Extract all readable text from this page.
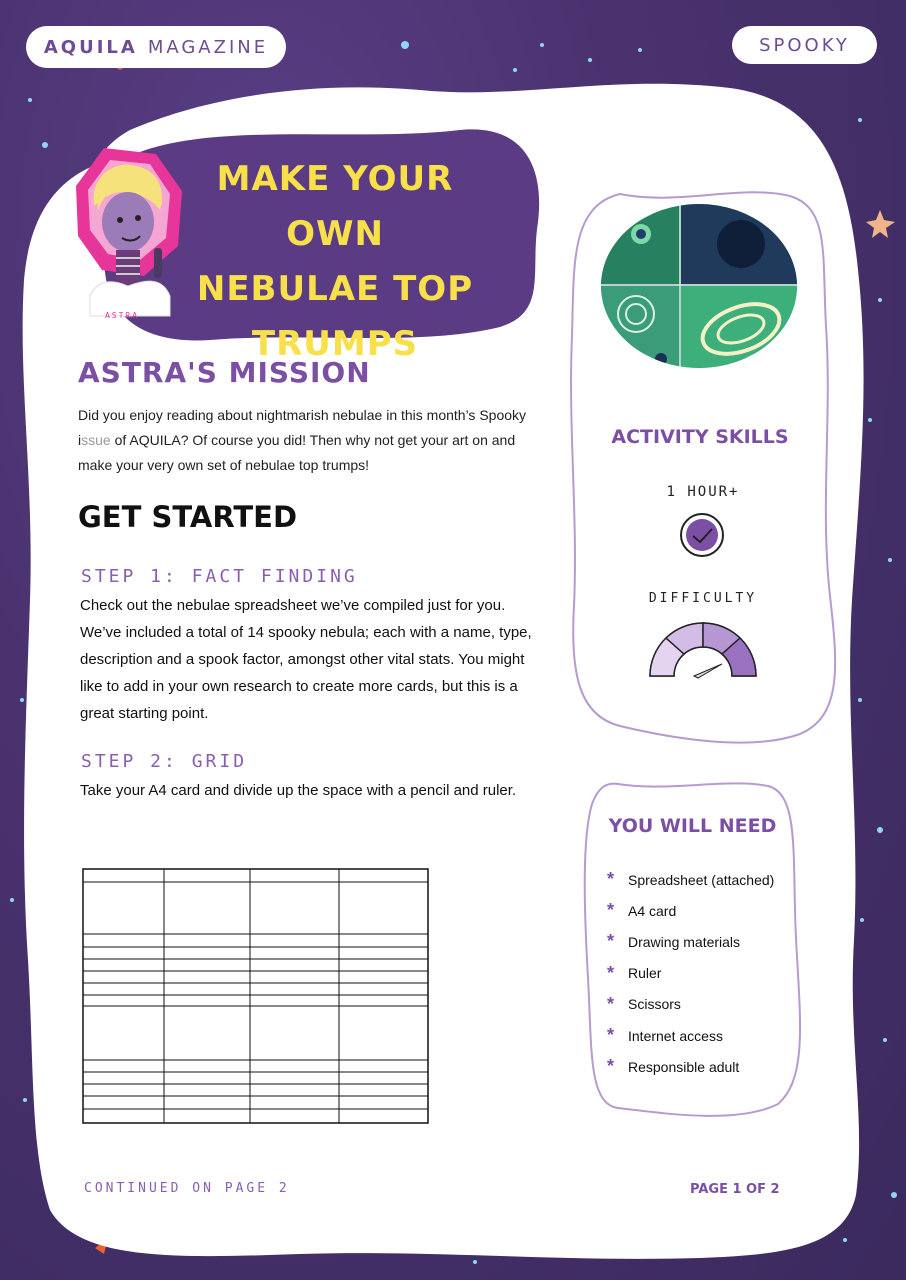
AQUILA MAGAZINE	SPOOKY
MAKE YOUR OWN
NEBULAE TOP
TRUMPS
ASTRA
ASTRA'S MISSION
Did you enjoy reading about nightmarish nebulae in this month’s Spooky issue of AQUILA? Of course you did! Then why not get your art on and make your very own set of nebulae top trumps!
GET STARTED
STEP 1: FACT FINDING
Check out the nebulae spreadsheet we’ve compiled just for you. We’ve included a total of 14 spooky nebula; each with a name, type, description and a spook factor, amongst other vital stats. You might like to add in your own research to create more cards, but this is a great starting point.
STEP 2: GRID
Take your A4 card and divide up the space with a pencil and ruler.
ACTIVITY SKILLS
1 HOUR+
DIFFICULTY
YOU WILL NEED
* Spreadsheet (attached)
* A4 card
* Drawing materials
* Ruler
* Scissors
* Internet access
* Responsible adult
CONTINUED ON PAGE 2	PAGE 1 OF 2
